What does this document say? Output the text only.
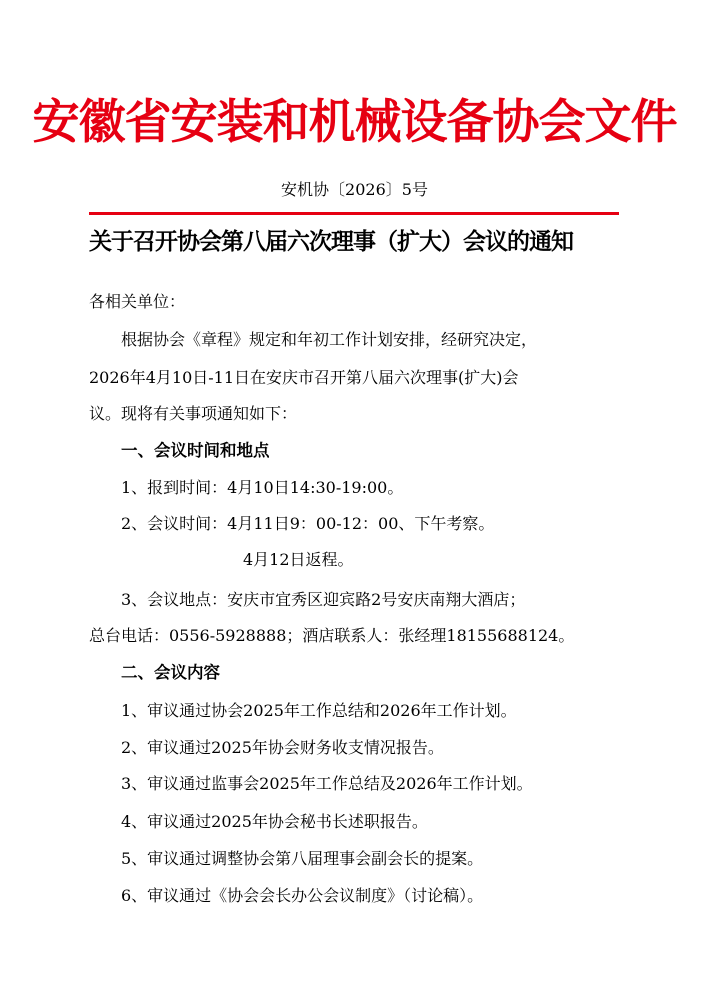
安徽省安装和机械设备协会文件
安机协〔2026〕5号
关于召开协会第八届六次理事（扩大）会议的通知
各相关单位：
根据协会《章程》规定和年初工作计划安排，经研究决定，
2026年4月10日-11日在安庆市召开第八届六次理事(扩大)会
议。现将有关事项通知如下：
一、会议时间和地点
1、报到时间：4月10日14:30-19:00。
2、会议时间：4月11日9：00-12：00、下午考察。
4月12日返程。
3、会议地点：安庆市宜秀区迎宾路2号安庆南翔大酒店；
总台电话：0556-5928888；酒店联系人：张经理18155688124。
二、会议内容
1、审议通过协会2025年工作总结和2026年工作计划。
2、审议通过2025年协会财务收支情况报告。
3、审议通过监事会2025年工作总结及2026年工作计划。
4、审议通过2025年协会秘书长述职报告。
5、审议通过调整协会第八届理事会副会长的提案。
6、审议通过《协会会长办公会议制度》（讨论稿）。
